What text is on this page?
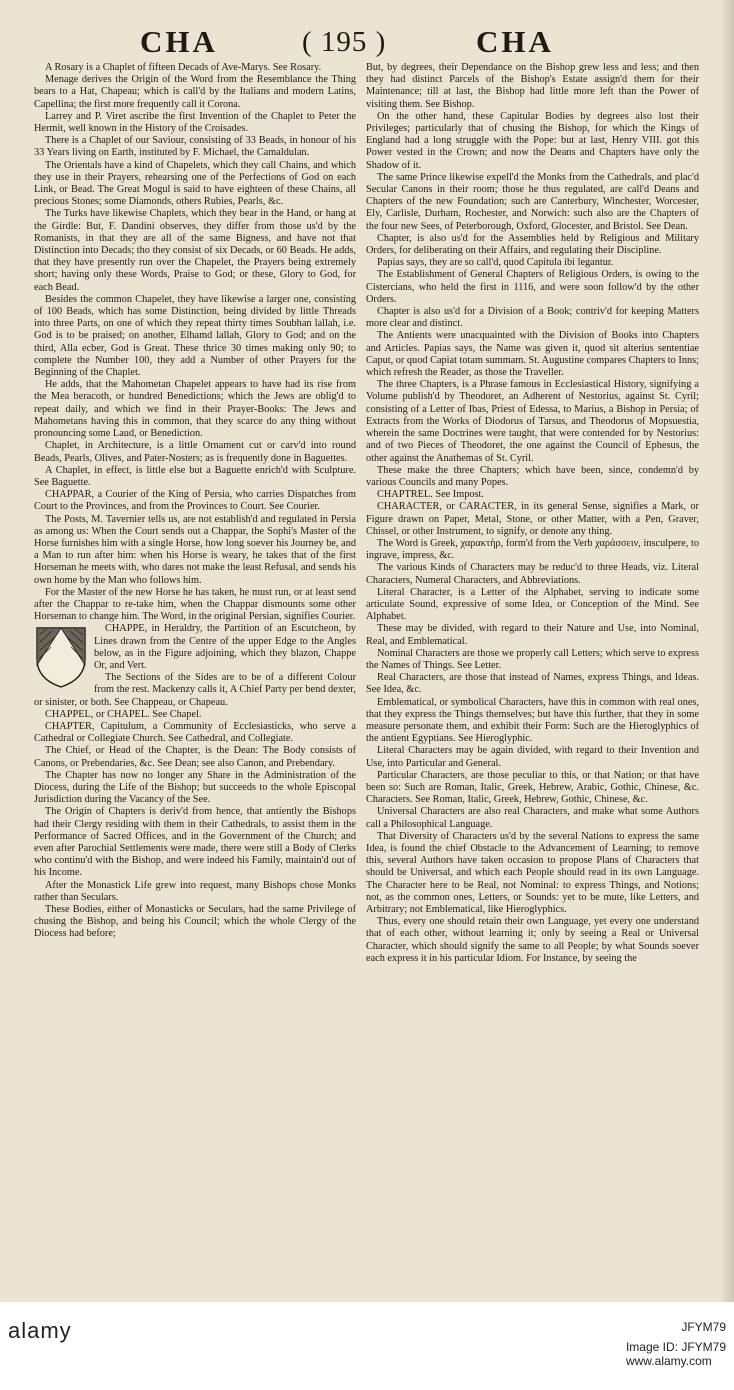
CHA	( 195 )	CHA

A Rosary is a Chaplet of fifteen Decads of Ave-Marys. See Rosary.

Menage derives the Origin of the Word from the Resemblance the Thing bears to a Hat, Chapeau; which is call'd by the Italians and modern Latins, Capellina; the first more frequently call it Corona.

Larrey and P. Viret ascribe the first Invention of the Chaplet to Peter the Hermit, well known in the History of the Croisades.

There is a Chaplet of our Saviour, consisting of 33 Beads, in honour of his 33 Years living on Earth, instituted by F. Michael, the Camaldulan.

The Orientals have a kind of Chapelets, which they call Chains, and which they use in their Prayers, rehearsing one of the Perfections of God on each Link, or Bead. The Great Mogul is said to have eighteen of these Chains, all precious Stones; some Diamonds, others Rubies, Pearls, &c.

The Turks have likewise Chaplets, which they bear in the Hand, or hang at the Girdle: But, F. Dandini observes, they differ from those us'd by the Romanists, in that they are all of the same Bigness, and have not that Distinction into Decads; tho they consist of six Decads, or 60 Beads. He adds, that they have presently run over the Chapelet, the Prayers being extremely short; having only these Words, Praise to God; or these, Glory to God, for each Bead.

Besides the common Chapelet, they have likewise a larger one, consisting of 100 Beads, which has some Distinction, being divided by little Threads into three Parts, on one of which they repeat thirty times Soubhan lallah, i.e. God is to be praised; on another, Elhamd lallah, Glory to God; and on the third, Alla ecber, God is Great. These thrice 30 times making only 90; to complete the Number 100, they add a Number of other Prayers for the Beginning of the Chaplet.

He adds, that the Mahometan Chapelet appears to have had its rise from the Mea beracoth, or hundred Benedictions; which the Jews are oblig'd to repeat daily, and which we find in their Prayer-Books: The Jews and Mahometans having this in common, that they scarce do any thing without pronouncing some Laud, or Benediction.

Chaplet, in Architecture, is a little Ornament cut or carv'd into round Beads, Pearls, Olives, and Pater-Nosters; as is frequently done in Baguettes.

A Chaplet, in effect, is little else but a Baguette enrich'd with Sculpture. See Baguette.

CHAPPAR, a Courier of the King of Persia, who carries Dispatches from Court to the Provinces, and from the Provinces to Court. See Courier.

The Posts, M. Tavernier tells us, are not establish'd and regulated in Persia as among us: When the Court sends out a Chappar, the Sophi's Master of the Horse furnishes him with a single Horse, how long soever his Journey be, and a Man to run after him: when his Horse is weary, he takes that of the first Horseman he meets with, who dares not make the least Refusal, and sends his own home by the Man who follows him.

For the Master of the new Horse he has taken, he must run, or at least send after the Chappar to re-take him, when the Chappar dismounts some other Horseman to change him. The Word, in the original Persian, signifies Courier.

CHAPPE, in Heraldry, the Partition of an Escutcheon, by Lines drawn from the Centre of the upper Edge to the Angles below, as in the Figure adjoining, which they blazon, Chappe Or, and Vert.

The Sections of the Sides are to be of a different Colour from the rest. Mackenzy calls it, A Chief Party per bend dexter, or sinister, or both. See Chappeau, or Chapeau.

CHAPPEL, or CHAPEL. See Chapel.

CHAPTER, Capitulum, a Community of Ecclesiasticks, who serve a Cathedral or Collegiate Church. See Cathedral, and Collegiate.

The Chief, or Head of the Chapter, is the Dean: The Body consists of Canons, or Prebendaries, &c. See Dean; see also Canon, and Prebendary.

The Chapter has now no longer any Share in the Administration of the Diocess, during the Life of the Bishop; but succeeds to the whole Episcopal Jurisdiction during the Vacancy of the See.

The Origin of Chapters is deriv'd from hence, that antiently the Bishops had their Clergy residing with them in their Cathedrals, to assist them in the Performance of Sacred Offices, and in the Government of the Church; and even after Parochial Settlements were made, there were still a Body of Clerks who continu'd with the Bishop, and were indeed his Family, maintain'd out of his Income.

After the Monastick Life grew into request, many Bishops chose Monks rather than Seculars.

These Bodies, either of Monasticks or Seculars, had the same Privilege of chusing the Bishop, and being his Council; which the whole Clergy of the Diocess had before;

But, by degrees, their Dependance on the Bishop grew less and less; and then they had distinct Parcels of the Bishop's Estate assign'd them for their Maintenance; till at last, the Bishop had little more left than the Power of visiting them. See Bishop.

On the other hand, these Capitular Bodies by degrees also lost their Privileges; particularly that of chusing the Bishop, for which the Kings of England had a long struggle with the Pope: but at last, Henry VIII. got this Power vested in the Crown; and now the Deans and Chapters have only the Shadow of it.

The same Prince likewise expell'd the Monks from the Cathedrals, and plac'd Secular Canons in their room; those he thus regulated, are call'd Deans and Chapters of the new Foundation; such are Canterbury, Winchester, Worcester, Ely, Carlisle, Durham, Rochester, and Norwich: such also are the Chapters of the four new Sees, of Peterborough, Oxford, Glocester, and Bristol. See Dean.

Chapter, is also us'd for the Assemblies held by Religious and Military Orders, for deliberating on their Affairs, and regulating their Discipline.

Papias says, they are so call'd, quod Capitula ibi legantur.

The Establishment of General Chapters of Religious Orders, is owing to the Cistercians, who held the first in 1116, and were soon follow'd by the other Orders.

Chapter is also us'd for a Division of a Book; contriv'd for keeping Matters more clear and distinct.

The Antients were unacquainted with the Division of Books into Chapters and Articles. Papias says, the Name was given it, quod sit alterius sententiae Caput, or quod Capiat totam summam. St. Augustine compares Chapters to Inns; which refresh the Reader, as those the Traveller.

The three Chapters, is a Phrase famous in Ecclesiastical History, signifying a Volume publish'd by Theodoret, an Adherent of Nestorius, against St. Cyril; consisting of a Letter of Ibas, Priest of Edessa, to Marius, a Bishop in Persia; of Extracts from the Works of Diodorus of Tarsus, and Theodorus of Mopsuestia, wherein the same Doctrines were taught, that were contended for by Nestorius: and of two Pieces of Theodoret, the one against the Council of Ephesus, the other against the Anathemas of St. Cyril.

These make the three Chapters; which have been, since, condemn'd by various Councils and many Popes.

CHAPTREL. See Impost.

CHARACTER, or CARACTER, in its general Sense, signifies a Mark, or Figure drawn on Paper, Metal, Stone, or other Matter, with a Pen, Graver, Chissel, or other Instrument, to signify, or denote any thing.

The Word is Greek, χαρακτὴρ, form'd from the Verb χαράσσειν, insculpere, to ingrave, impress, &c.

The various Kinds of Characters may be reduc'd to three Heads, viz. Literal Characters, Numeral Characters, and Abbreviations.

Literal Character, is a Letter of the Alphabet, serving to indicate some articulate Sound, expressive of some Idea, or Conception of the Mind. See Alphabet.

These may be divided, with regard to their Nature and Use, into Nominal, Real, and Emblematical.

Nominal Characters are those we properly call Letters; which serve to express the Names of Things. See Letter.

Real Characters, are those that instead of Names, express Things, and Ideas. See Idea, &c.

Emblematical, or symbolical Characters, have this in common with real ones, that they express the Things themselves; but have this further, that they in some measure personate them, and exhibit their Form: Such are the Hieroglyphics of the antient Egyptians. See Hieroglyphic.

Literal Characters may be again divided, with regard to their Invention and Use, into Particular and General.

Particular Characters, are those peculiar to this, or that Nation; or that have been so: Such are Roman, Italic, Greek, Hebrew, Arabic, Gothic, Chinese, &c. Characters. See Roman, Italic, Greek, Hebrew, Gothic, Chinese, &c.

Universal Characters are also real Characters, and make what some Authors call a Philosophical Language.

That Diversity of Characters us'd by the several Nations to express the same Idea, is found the chief Obstacle to the Advancement of Learning; to remove this, several Authors have taken occasion to propose Plans of Characters that should be Universal, and which each People should read in its own Language. The Character here to be Real, not Nominal: to express Things, and Notions; not, as the common ones, Letters, or Sounds: yet to be mute, like Letters, and Arbitrary; not Emblematical, like Hieroglyphics.

Thus, every one should retain their own Language, yet every one understand that of each other, without learning it; only by seeing a Real or Universal Character, which should signify the same to all People; by what Sounds soever each express it in his particular Idiom. For Instance, by seeing the

alamy	JFYM79
Image ID: JFYM79
www.alamy.com
